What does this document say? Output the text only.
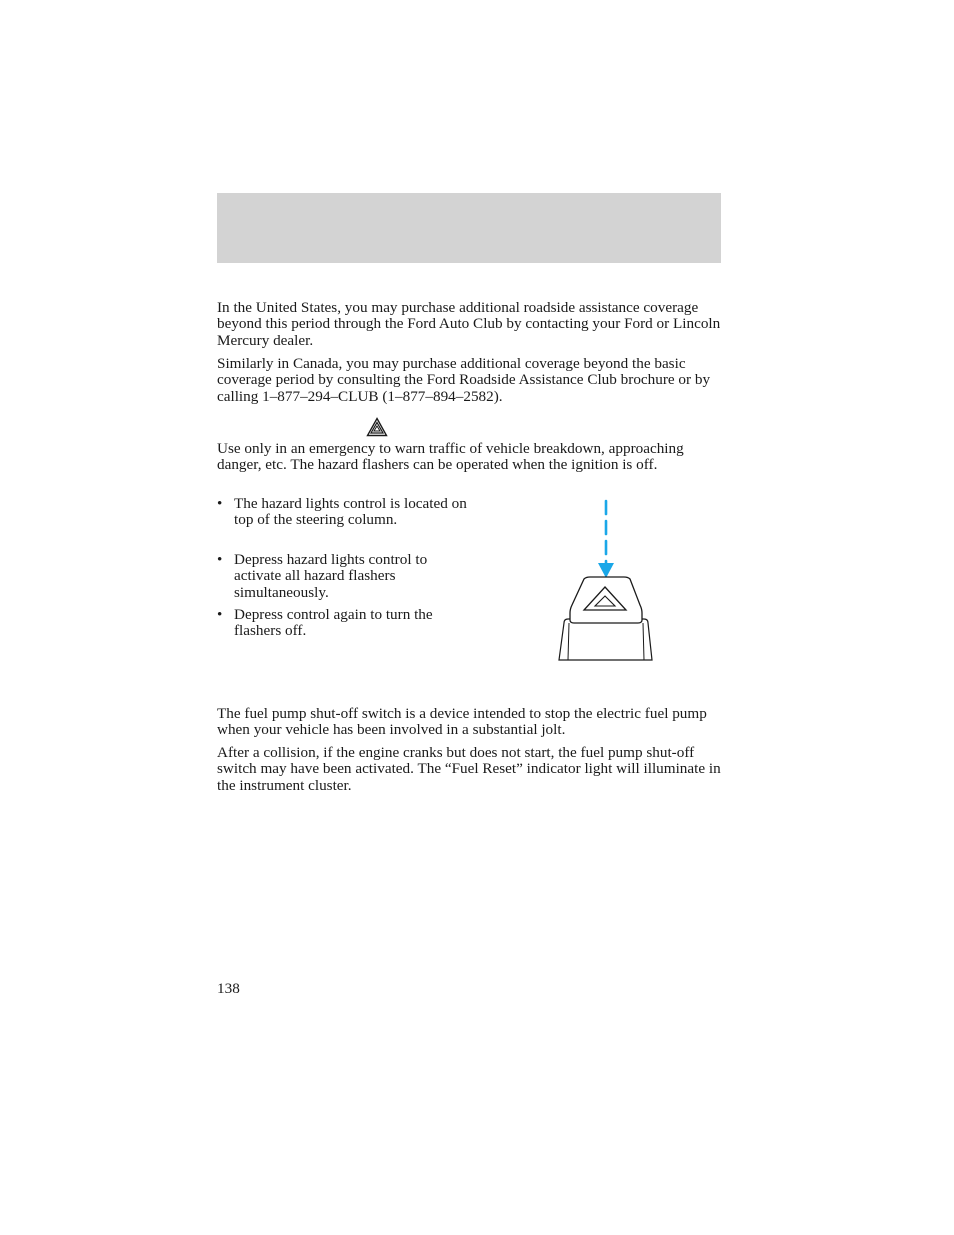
In the United States, you may purchase additional roadside assistance coverage beyond this period through the Ford Auto Club by contacting your Ford or Lincoln Mercury dealer.

Similarly in Canada, you may purchase additional coverage beyond the basic coverage period by consulting the Ford Roadside Assistance Club brochure or by calling 1–877–294–CLUB (1–877–894–2582).

Use only in an emergency to warn traffic of vehicle breakdown, approaching danger, etc. The hazard flashers can be operated when the ignition is off.

• The hazard lights control is located on top of the steering column.
• Depress hazard lights control to activate all hazard flashers simultaneously.
• Depress control again to turn the flashers off.

The fuel pump shut-off switch is a device intended to stop the electric fuel pump when your vehicle has been involved in a substantial jolt.

After a collision, if the engine cranks but does not start, the fuel pump shut-off switch may have been activated. The “Fuel Reset” indicator light will illuminate in the instrument cluster.

138
